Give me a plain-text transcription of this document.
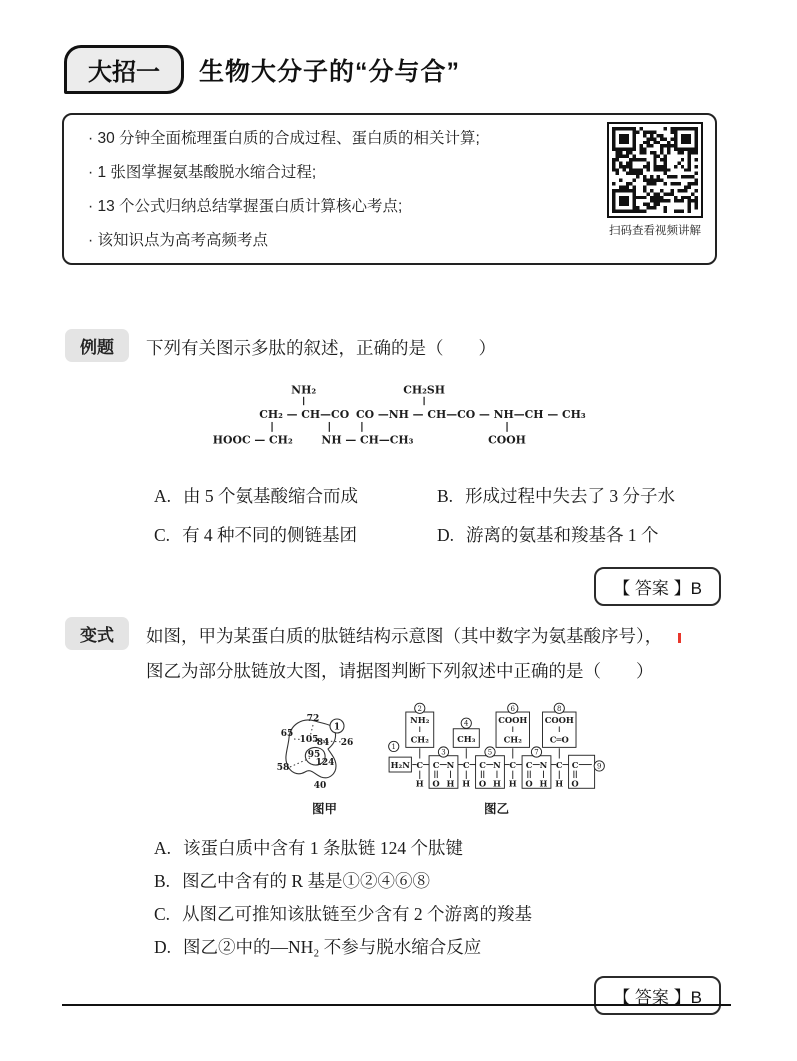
大招一	生物大分子的“分与合”
· 30 分钟全面梳理蛋白质的合成过程、蛋白质的相关计算;
· 1 张图掌握氨基酸脱水缩合过程;
· 13 个公式归纳总结掌握蛋白质计算核心考点;
· 该知识点为高考高频考点
扫码查看视频讲解
例题	下列有关图示多肽的叙述，正确的是（　　）
NH₂	CH₂SH
CH₂ — CH—CO CO —NH — CH—CO — NH—CH — CH₃
HOOC — CH₂	NH — CH—CH₃	COOH
A. 由 5 个氨基酸缩合而成	B. 形成过程中失去了 3 分子水
C. 有 4 种不同的侧链基团	D. 游离的氨基和羧基各 1 个
【 答案 】B
变式	如图，甲为某蛋白质的肽链结构示意图（其中数字为氨基酸序号），
图乙为部分肽链放大图，请据图判断下列叙述中正确的是（　　）
1
72
65
105
84 26
95
124
58
40
图甲
H₂N
NH₂
CH₂
C
H
C N
O H
CH₃
C
H
C N
O H
COOH
CH₂
C
H
C N
O H
COOH
C═O
C
H
C
O
1
2
3
4
5
6
7
8
9
图乙
A. 该蛋白质中含有 1 条肽链 124 个肽键
B. 图乙中含有的 R 基是①②④⑥⑧
C. 从图乙可推知该肽链至少含有 2 个游离的羧基
D. 图乙②中的—NH₂ 不参与脱水缩合反应
【 答案 】B
